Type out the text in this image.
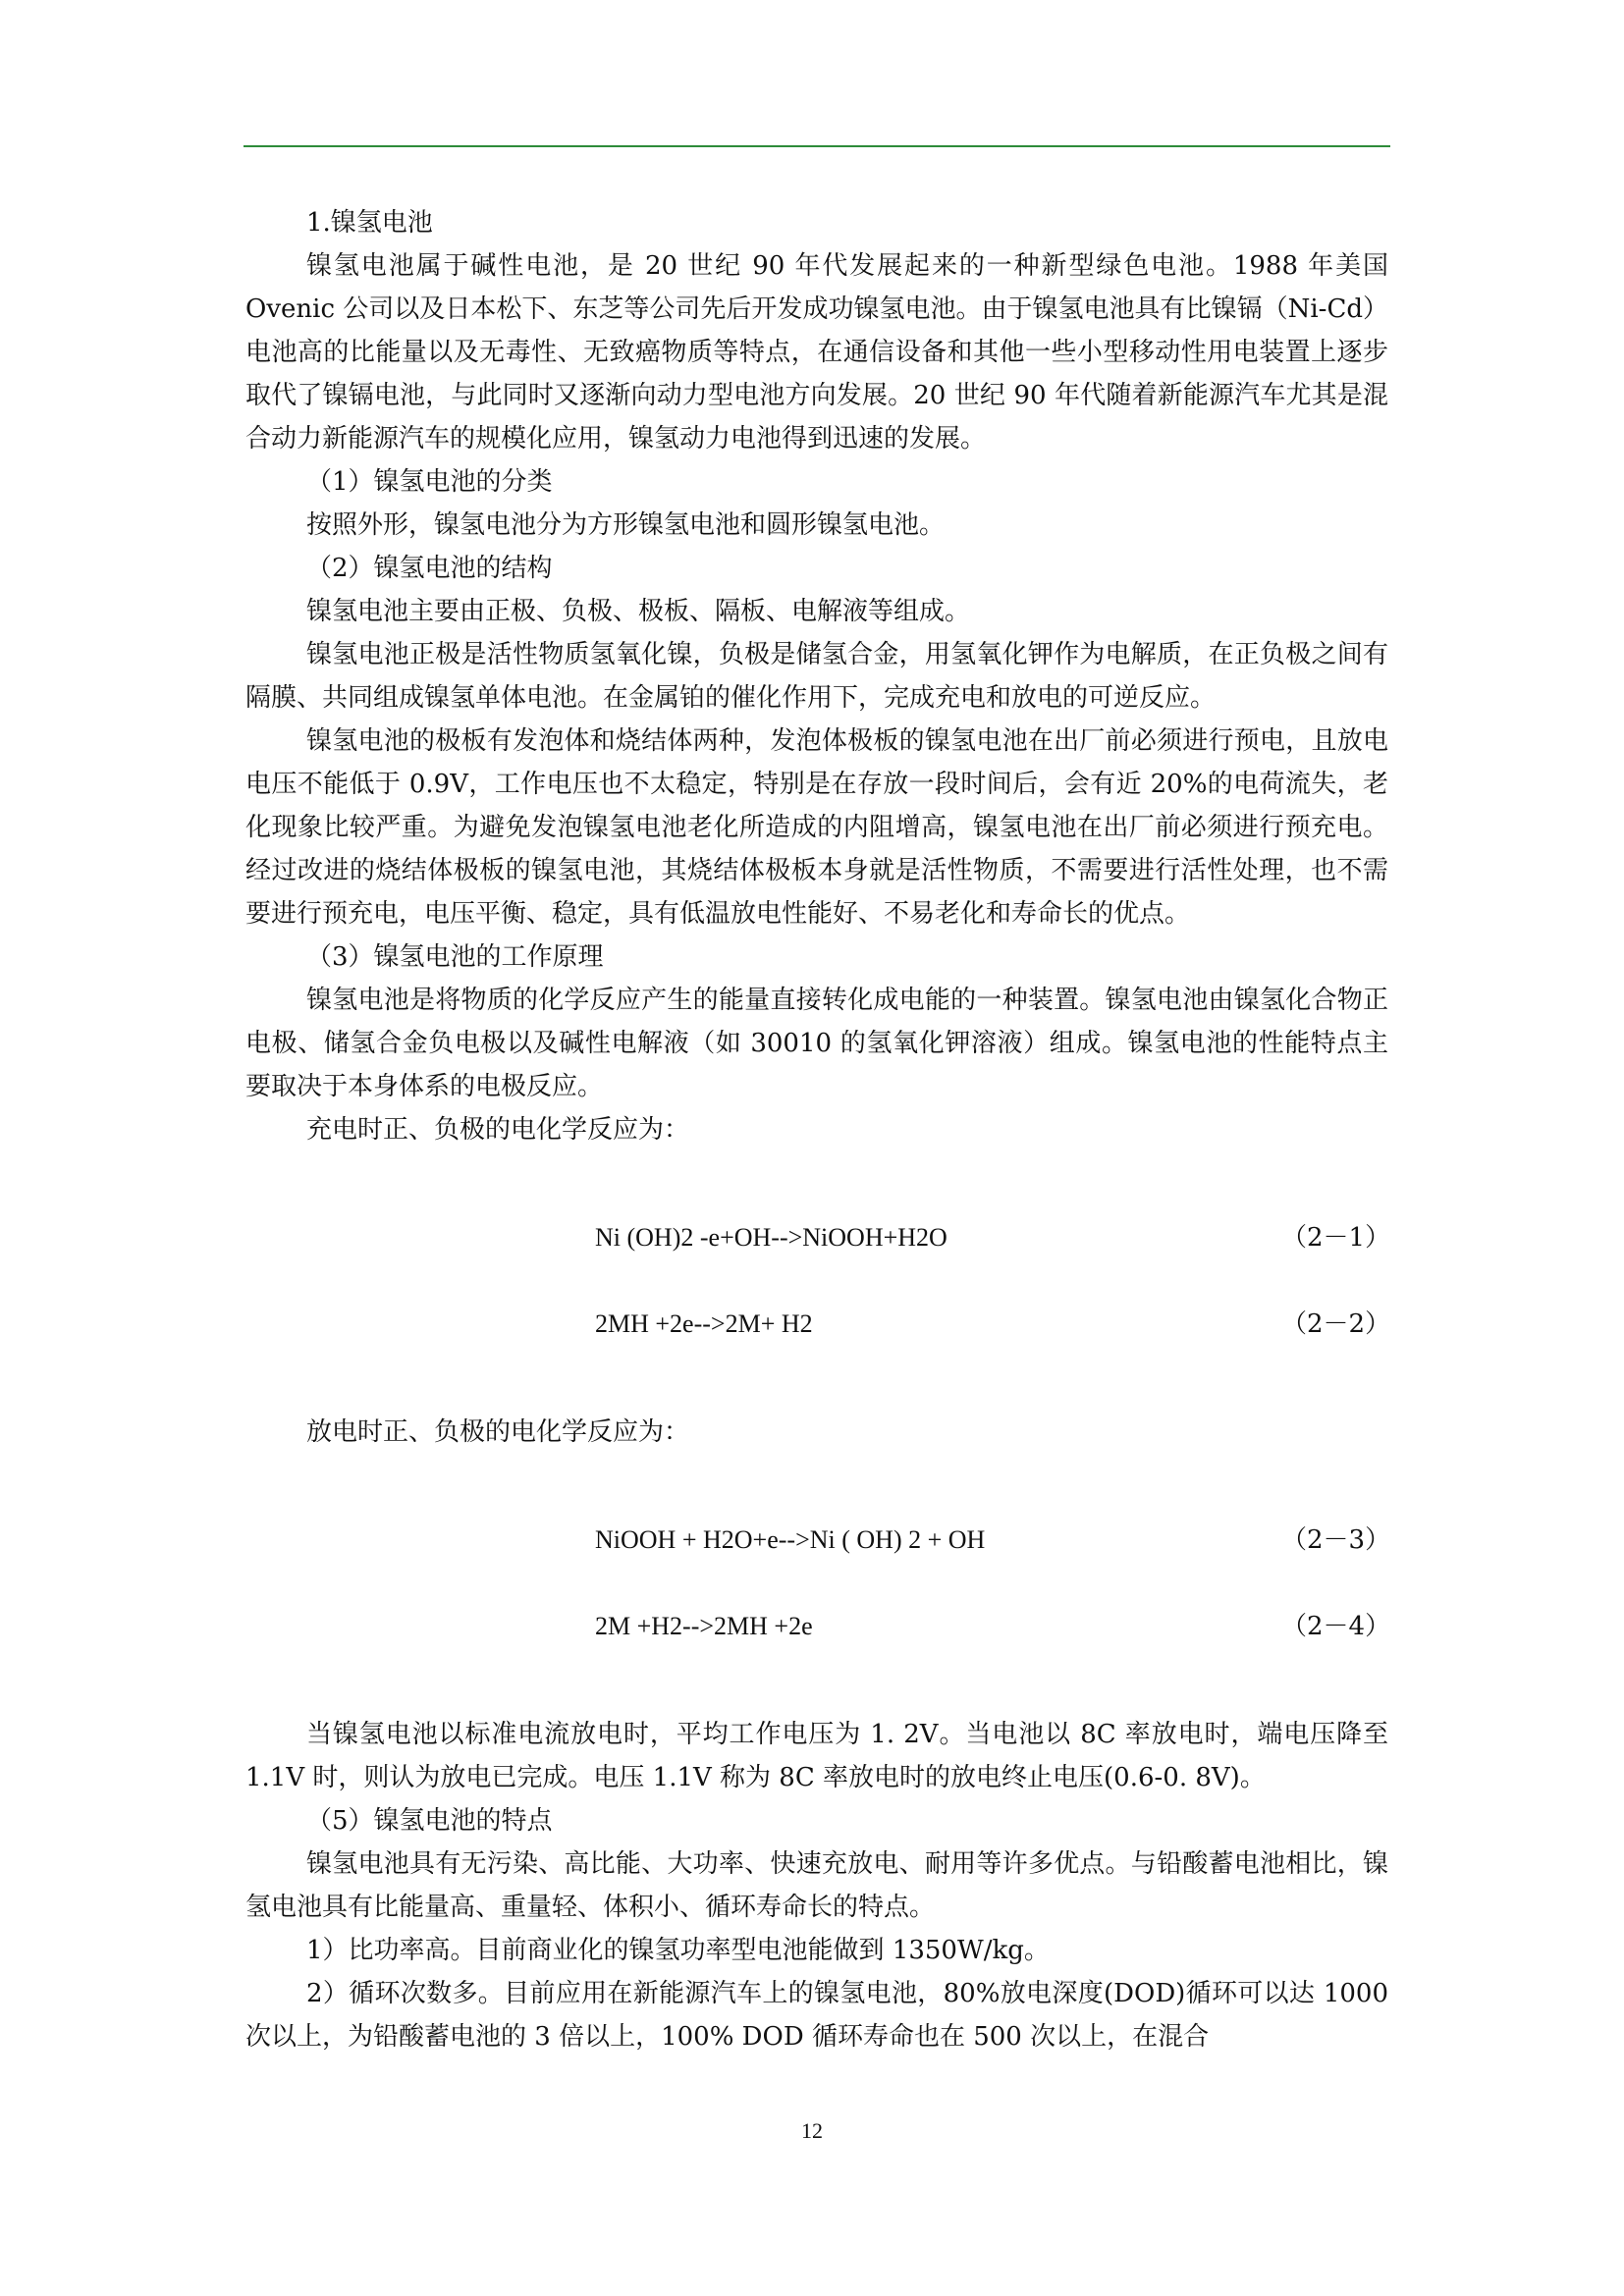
1.镍氢电池

镍氢电池属于碱性电池，是 20 世纪 90 年代发展起来的一种新型绿色电池。1988 年美国 Ovenic 公司以及日本松下、东芝等公司先后开发成功镍氢电池。由于镍氢电池具有比镍镉（Ni-Cd）电池高的比能量以及无毒性、无致癌物质等特点，在通信设备和其他一些小型移动性用电装置上逐步取代了镍镉电池，与此同时又逐渐向动力型电池方向发展。20 世纪 90 年代随着新能源汽车尤其是混合动力新能源汽车的规模化应用，镍氢动力电池得到迅速的发展。

（1）镍氢电池的分类

按照外形，镍氢电池分为方形镍氢电池和圆形镍氢电池。

（2）镍氢电池的结构

镍氢电池主要由正极、负极、极板、隔板、电解液等组成。

镍氢电池正极是活性物质氢氧化镍，负极是储氢合金，用氢氧化钾作为电解质，在正负极之间有隔膜、共同组成镍氢单体电池。在金属铂的催化作用下，完成充电和放电的可逆反应。

镍氢电池的极板有发泡体和烧结体两种，发泡体极板的镍氢电池在出厂前必须进行预电，且放电电压不能低于 0.9V，工作电压也不太稳定，特别是在存放一段时间后，会有近 20%的电荷流失，老化现象比较严重。为避免发泡镍氢电池老化所造成的内阻增高，镍氢电池在出厂前必须进行预充电。经过改进的烧结体极板的镍氢电池，其烧结体极板本身就是活性物质，不需要进行活性处理，也不需要进行预充电，电压平衡、稳定，具有低温放电性能好、不易老化和寿命长的优点。

（3）镍氢电池的工作原理

镍氢电池是将物质的化学反应产生的能量直接转化成电能的一种装置。镍氢电池由镍氢化合物正电极、储氢合金负电极以及碱性电解液（如 30010 的氢氧化钾溶液）组成。镍氢电池的性能特点主要取决于本身体系的电极反应。

充电时正、负极的电化学反应为：

Ni (OH)2 -e+OH-->NiOOH+H2O	（2－1）
2MH +2e-->2M+ H2	（2－2）

放电时正、负极的电化学反应为：

NiOOH + H2O+e-->Ni ( OH) 2 + OH	（2－3）
2M +H2-->2MH +2e	（2－4）

当镍氢电池以标准电流放电时，平均工作电压为 1. 2V。当电池以 8C 率放电时，端电压降至 1.1V 时，则认为放电已完成。电压 1.1V 称为 8C 率放电时的放电终止电压(0.6-0. 8V)。

（5）镍氢电池的特点

镍氢电池具有无污染、高比能、大功率、快速充放电、耐用等许多优点。与铅酸蓄电池相比，镍氢电池具有比能量高、重量轻、体积小、循环寿命长的特点。

1）比功率高。目前商业化的镍氢功率型电池能做到 1350W/kg。

2）循环次数多。目前应用在新能源汽车上的镍氢电池，80%放电深度(DOD)循环可以达 1000 次以上，为铅酸蓄电池的 3 倍以上，100% DOD 循环寿命也在 500 次以上，在混合

12
